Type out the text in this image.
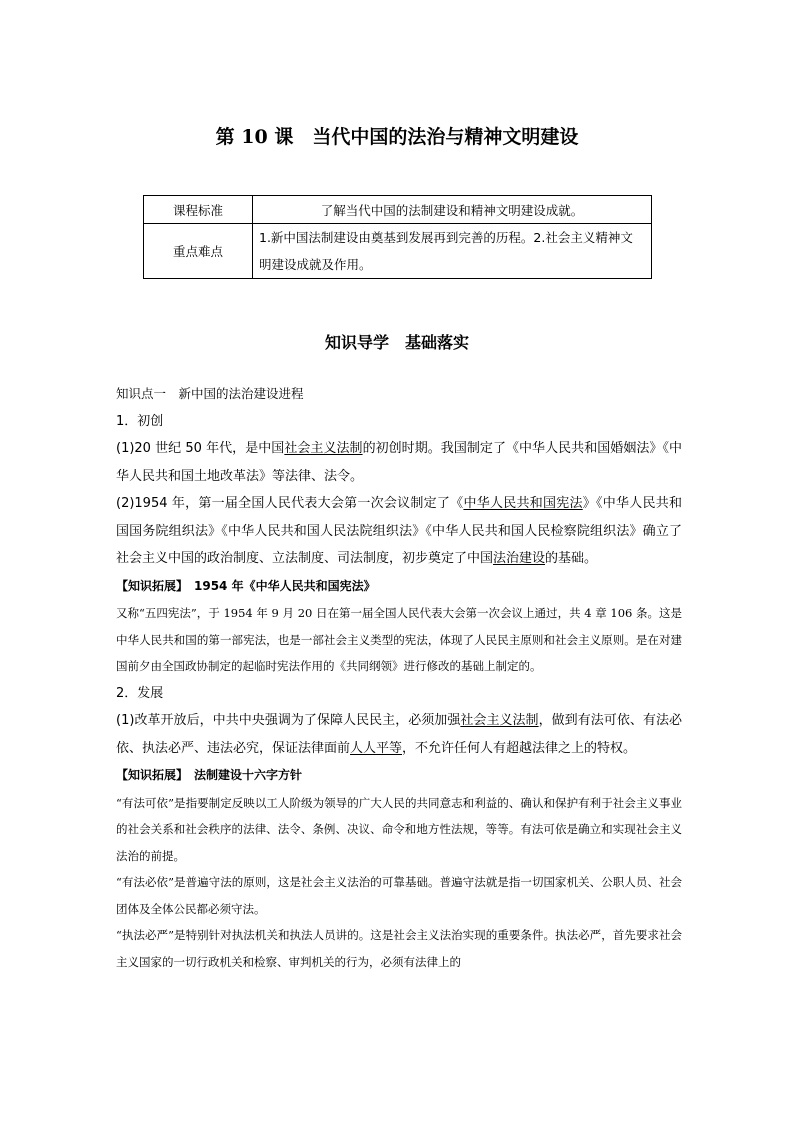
第 10 课　当代中国的法治与精神文明建设
课程标准	了解当代中国的法制建设和精神文明建设成就。
重点难点	1.新中国法制建设由奠基到发展再到完善的历程。2.社会主义精神文明建设成就及作用。
知识导学　基础落实

知识点一　新中国的法治建设进程

1．初创

(1)20 世纪 50 年代，是中国社会主义法制的初创时期。我国制定了《中华人民共和国婚姻法》《中华人民共和国土地改革法》等法律、法令。

(2)1954 年，第一届全国人民代表大会第一次会议制定了《中华人民共和国宪法》《中华人民共和国国务院组织法》《中华人民共和国人民法院组织法》《中华人民共和国人民检察院组织法》确立了社会主义中国的政治制度、立法制度、司法制度，初步奠定了中国法治建设的基础。

【知识拓展】　1954 年《中华人民共和国宪法》

又称“五四宪法”，于 1954 年 9 月 20 日在第一届全国人民代表大会第一次会议上通过，共 4 章 106 条。这是中华人民共和国的第一部宪法，也是一部社会主义类型的宪法，体现了人民民主原则和社会主义原则。是在对建国前夕由全国政协制定的起临时宪法作用的《共同纲领》进行修改的基础上制定的。

2．发展

(1)改革开放后，中共中央强调为了保障人民民主，必须加强社会主义法制，做到有法可依、有法必依、执法必严、违法必究，保证法律面前人人平等，不允许任何人有超越法律之上的特权。

【知识拓展】　法制建设十六字方针

“有法可依”是指要制定反映以工人阶级为领导的广大人民的共同意志和利益的、确认和保护有利于社会主义事业的社会关系和社会秩序的法律、法令、条例、决议、命令和地方性法规，等等。有法可依是确立和实现社会主义法治的前提。

“有法必依”是普遍守法的原则，这是社会主义法治的可靠基础。普遍守法就是指一切国家机关、公职人员、社会团体及全体公民都必须守法。

“执法必严”是特别针对执法机关和执法人员讲的。这是社会主义法治实现的重要条件。执法必严，首先要求社会主义国家的一切行政机关和检察、审判机关的行为，必须有法律上的
